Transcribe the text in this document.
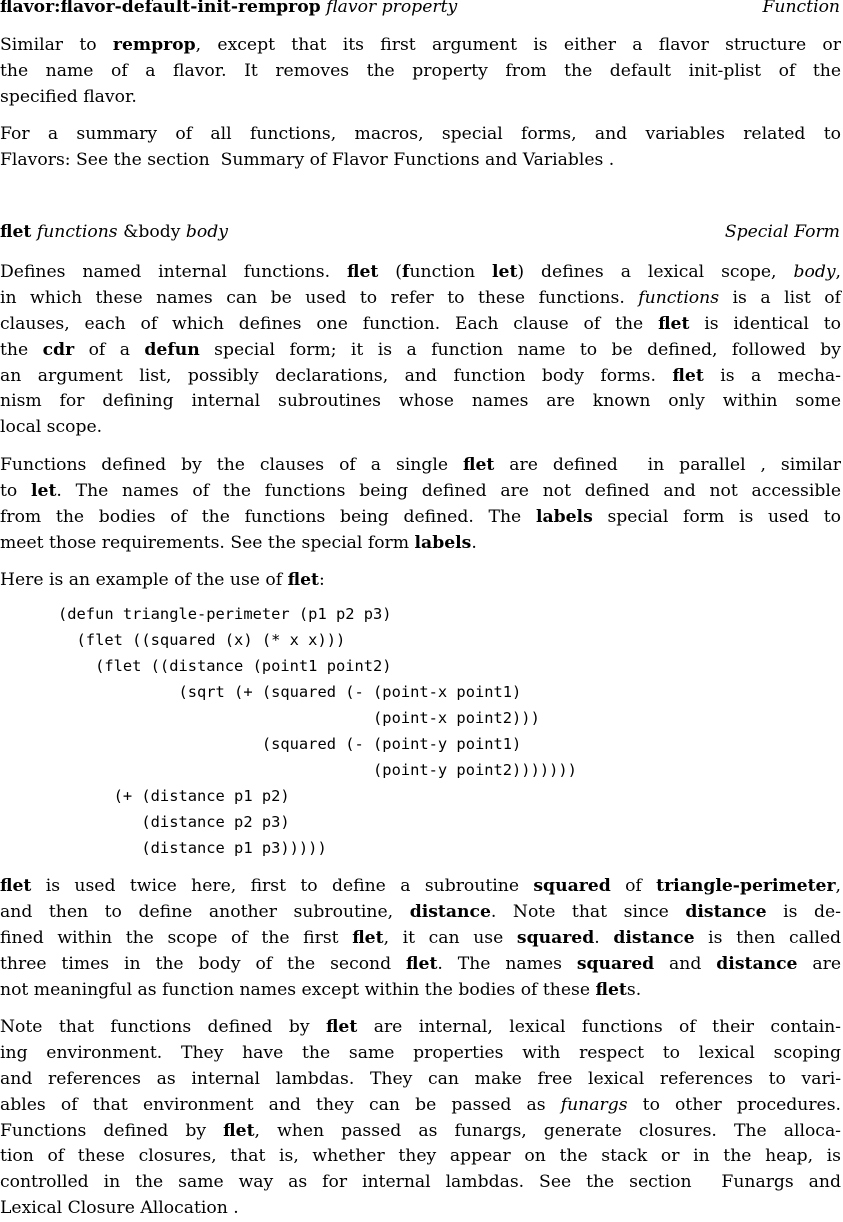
flavor:flavor-default-init-remprop flavor property	Function
Similar to remprop, except that its first argument is either a flavor structure or
the name of a flavor. It removes the property from the default init-plist of the
specified flavor.
For a summary of all functions, macros, special forms, and variables related to
Flavors: See the section  Summary of Flavor Functions and Variables .
flet functions &body body	Special Form
Defines named internal functions. flet (function let) defines a lexical scope, body,
in which these names can be used to refer to these functions. functions is a list of
clauses, each of which defines one function. Each clause of the flet is identical to
the cdr of a defun special form; it is a function name to be defined, followed by
an argument list, possibly declarations, and function body forms. flet is a mecha-
nism for defining internal subroutines whose names are known only within some
local scope.
Functions defined by the clauses of a single flet are defined  in parallel , similar
to let. The names of the functions being defined are not defined and not accessible
from the bodies of the functions being defined. The labels special form is used to
meet those requirements. See the special form labels.
Here is an example of the use of flet:
(defun triangle-perimeter (p1 p2 p3)
(flet ((squared (x) (* x x)))
(flet ((distance (point1 point2)
(sqrt (+ (squared (- (point-x point1)
(point-x point2)))
(squared (- (point-y point1)
(point-y point2)))))))
(+ (distance p1 p2)
(distance p2 p3)
(distance p1 p3)))))
flet is used twice here, first to define a subroutine squared of triangle-perimeter,
and then to define another subroutine, distance. Note that since distance is de-
fined within the scope of the first flet, it can use squared. distance is then called
three times in the body of the second flet. The names squared and distance are
not meaningful as function names except within the bodies of these flets.
Note that functions defined by flet are internal, lexical functions of their contain-
ing environment. They have the same properties with respect to lexical scoping
and references as internal lambdas. They can make free lexical references to vari-
ables of that environment and they can be passed as funargs to other procedures.
Functions defined by flet, when passed as funargs, generate closures. The alloca-
tion of these closures, that is, whether they appear on the stack or in the heap, is
controlled in the same way as for internal lambdas. See the section  Funargs and
Lexical Closure Allocation .
